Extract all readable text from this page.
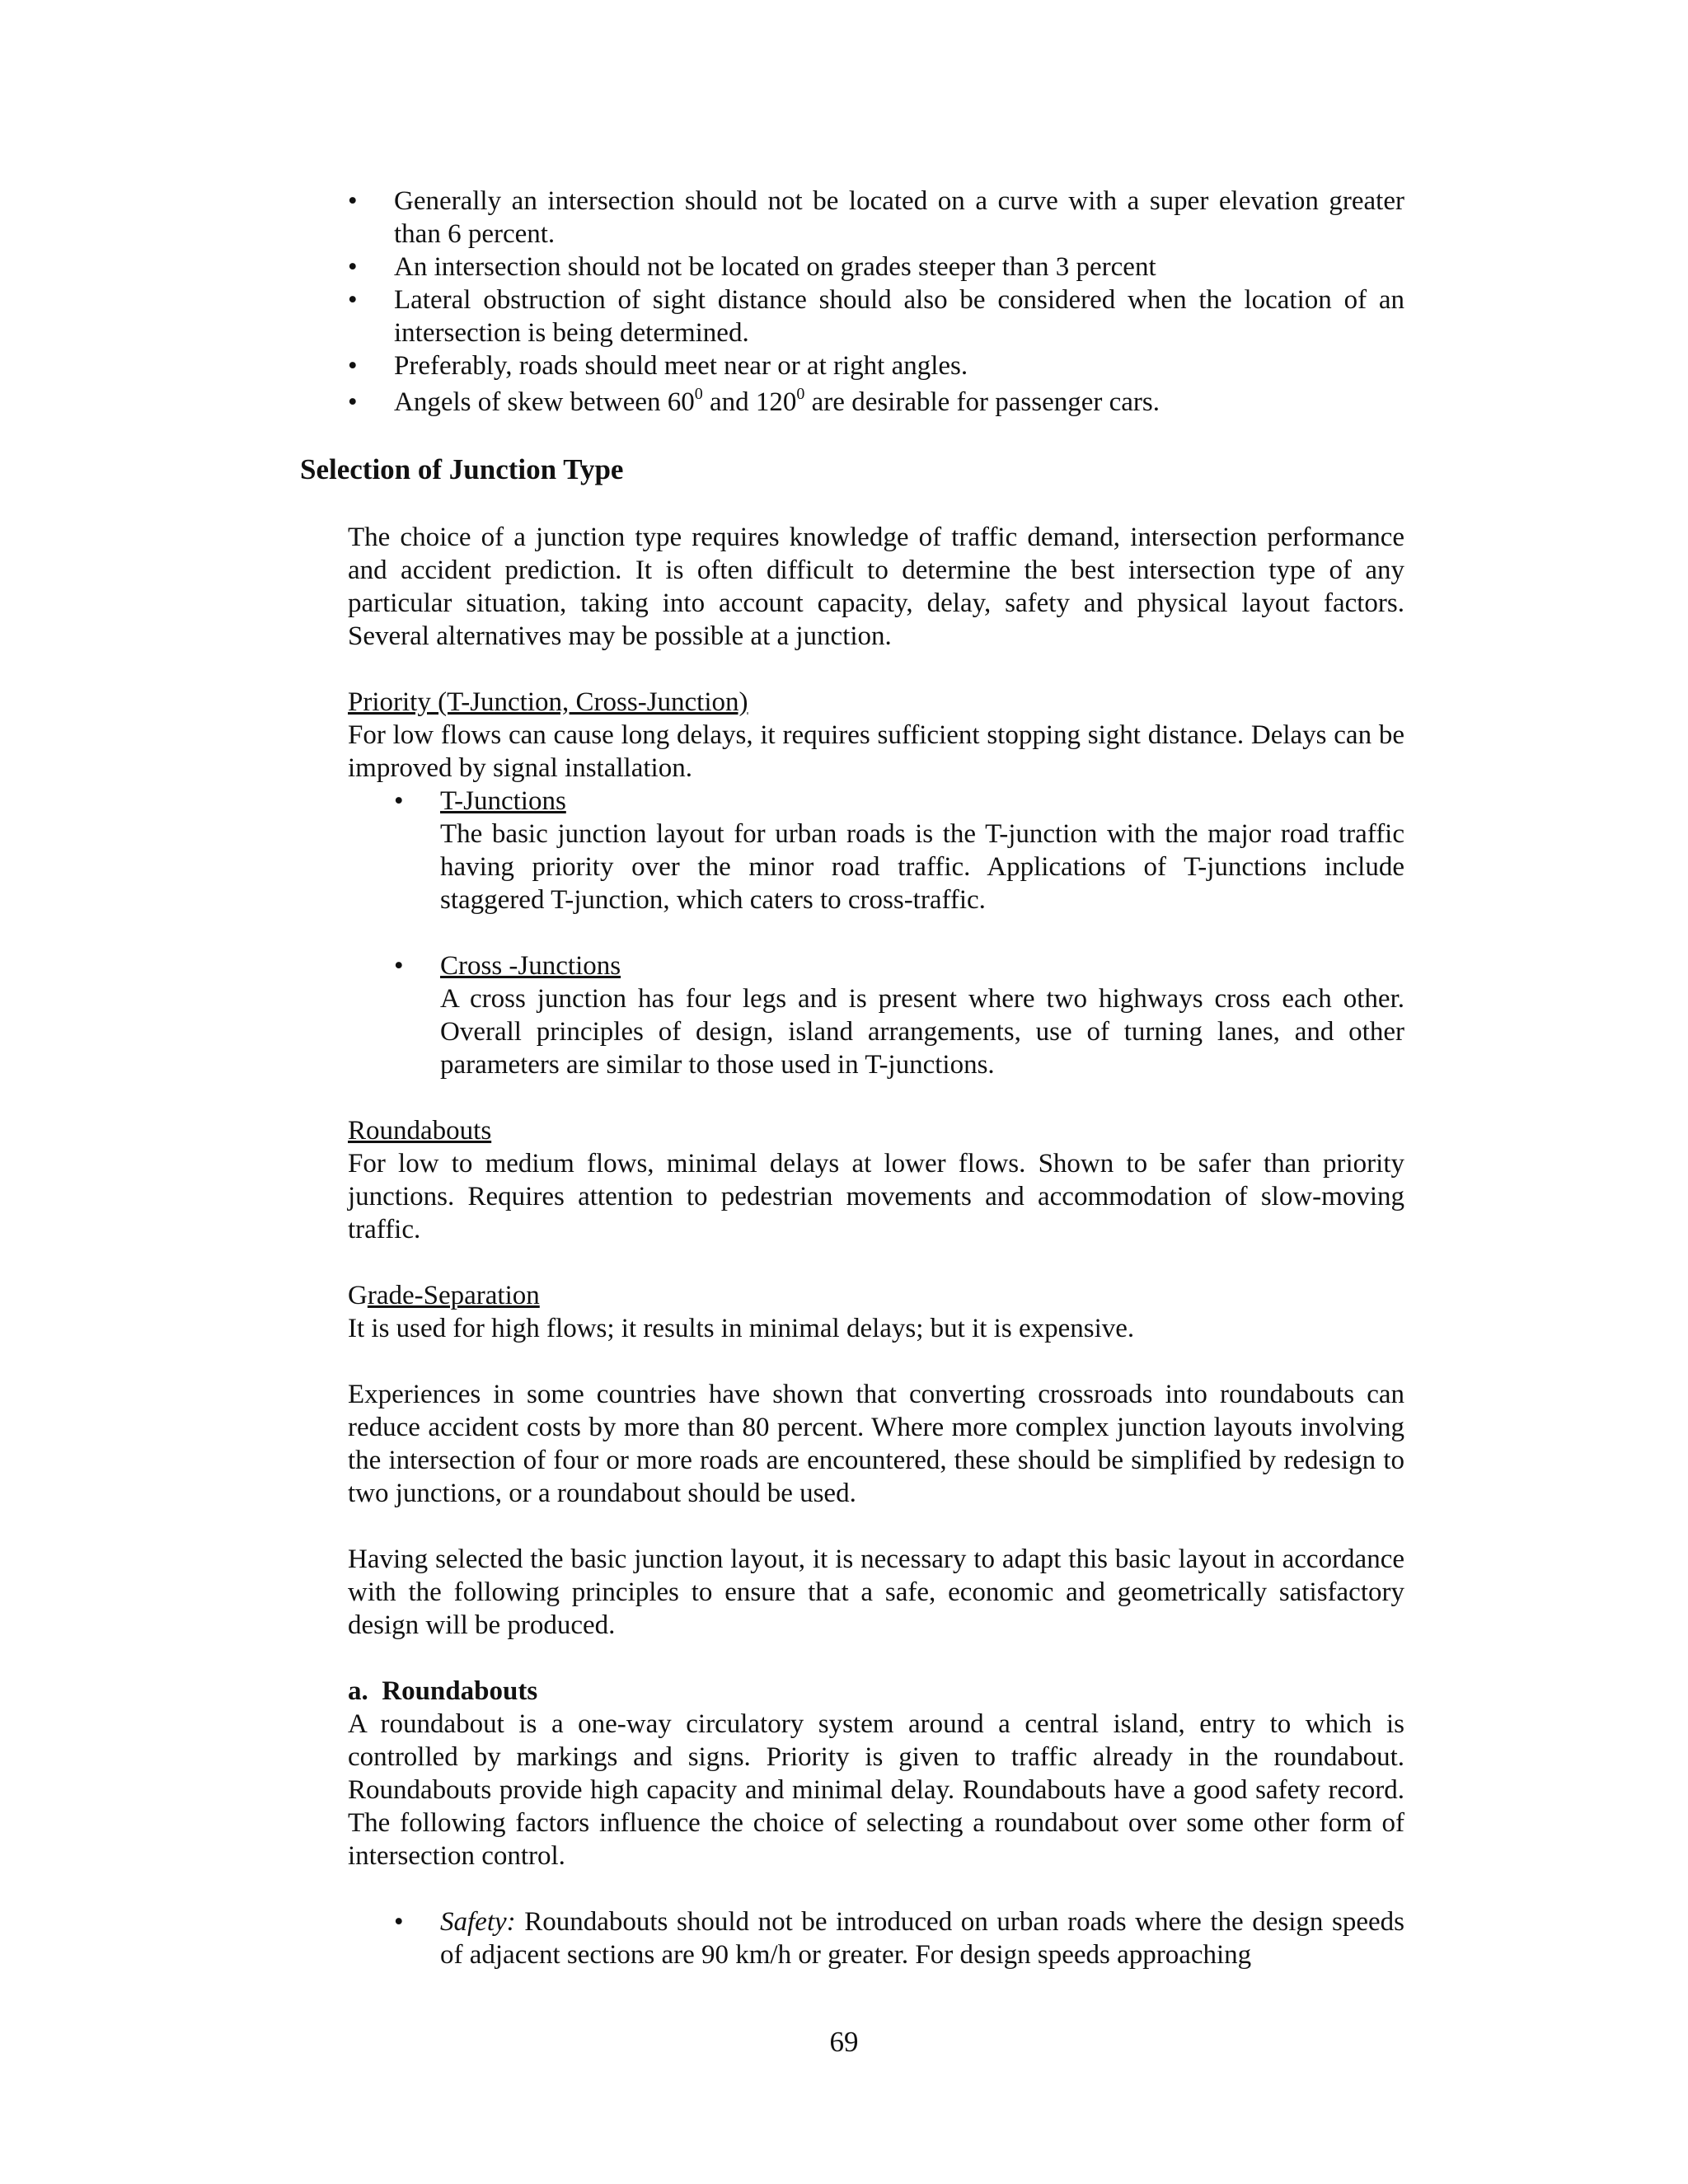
•	Generally an intersection should not be located on a curve with a super elevation greater than 6 percent.
•	An intersection should not be located on grades steeper than 3 percent
•	Lateral obstruction of sight distance should also be considered when the location of an intersection is being determined.
•	Preferably, roads should meet near or at right angles.
•	Angels of skew between $60^0$ and $120^0$ are desirable for passenger cars.
Selection of Junction Type

The choice of a junction type requires knowledge of traffic demand, intersection performance and accident prediction. It is often difficult to determine the best intersection type of any particular situation, taking into account capacity, delay, safety and physical layout factors. Several alternatives may be possible at a junction.

Priority (T-Junction, Cross-Junction)

For low flows can cause long delays, it requires sufficient stopping sight distance. Delays can be improved by signal installation.

•	T-Junctions

The basic junction layout for urban roads is the T-junction with the major road traffic having priority over the minor road traffic. Applications of T-junctions include staggered T-junction, which caters to cross-traffic.

•	Cross -Junctions

A cross junction has four legs and is present where two highways cross each other. Overall principles of design, island arrangements, use of turning lanes, and other parameters are similar to those used in T-junctions.

Roundabouts

For low to medium flows, minimal delays at lower flows. Shown to be safer than priority junctions. Requires attention to pedestrian movements and accommodation of slow-moving traffic.

Grade-Separation

It is used for high flows; it results in minimal delays; but it is expensive.

Experiences in some countries have shown that converting crossroads into roundabouts can reduce accident costs by more than 80 percent. Where more complex junction layouts involving the intersection of four or more roads are encountered, these should be simplified by redesign to two junctions, or a roundabout should be used.

Having selected the basic junction layout, it is necessary to adapt this basic layout in accordance with the following principles to ensure that a safe, economic and geometrically satisfactory design will be produced.

a.  Roundabouts

A roundabout is a one-way circulatory system around a central island, entry to which is controlled by markings and signs. Priority is given to traffic already in the roundabout. Roundabouts provide high capacity and minimal delay. Roundabouts have a good safety record. The following factors influence the choice of selecting a roundabout over some other form of intersection control.

•	Safety: Roundabouts should not be introduced on urban roads where the design speeds of adjacent sections are 90 km/h or greater. For design speeds approaching

69
